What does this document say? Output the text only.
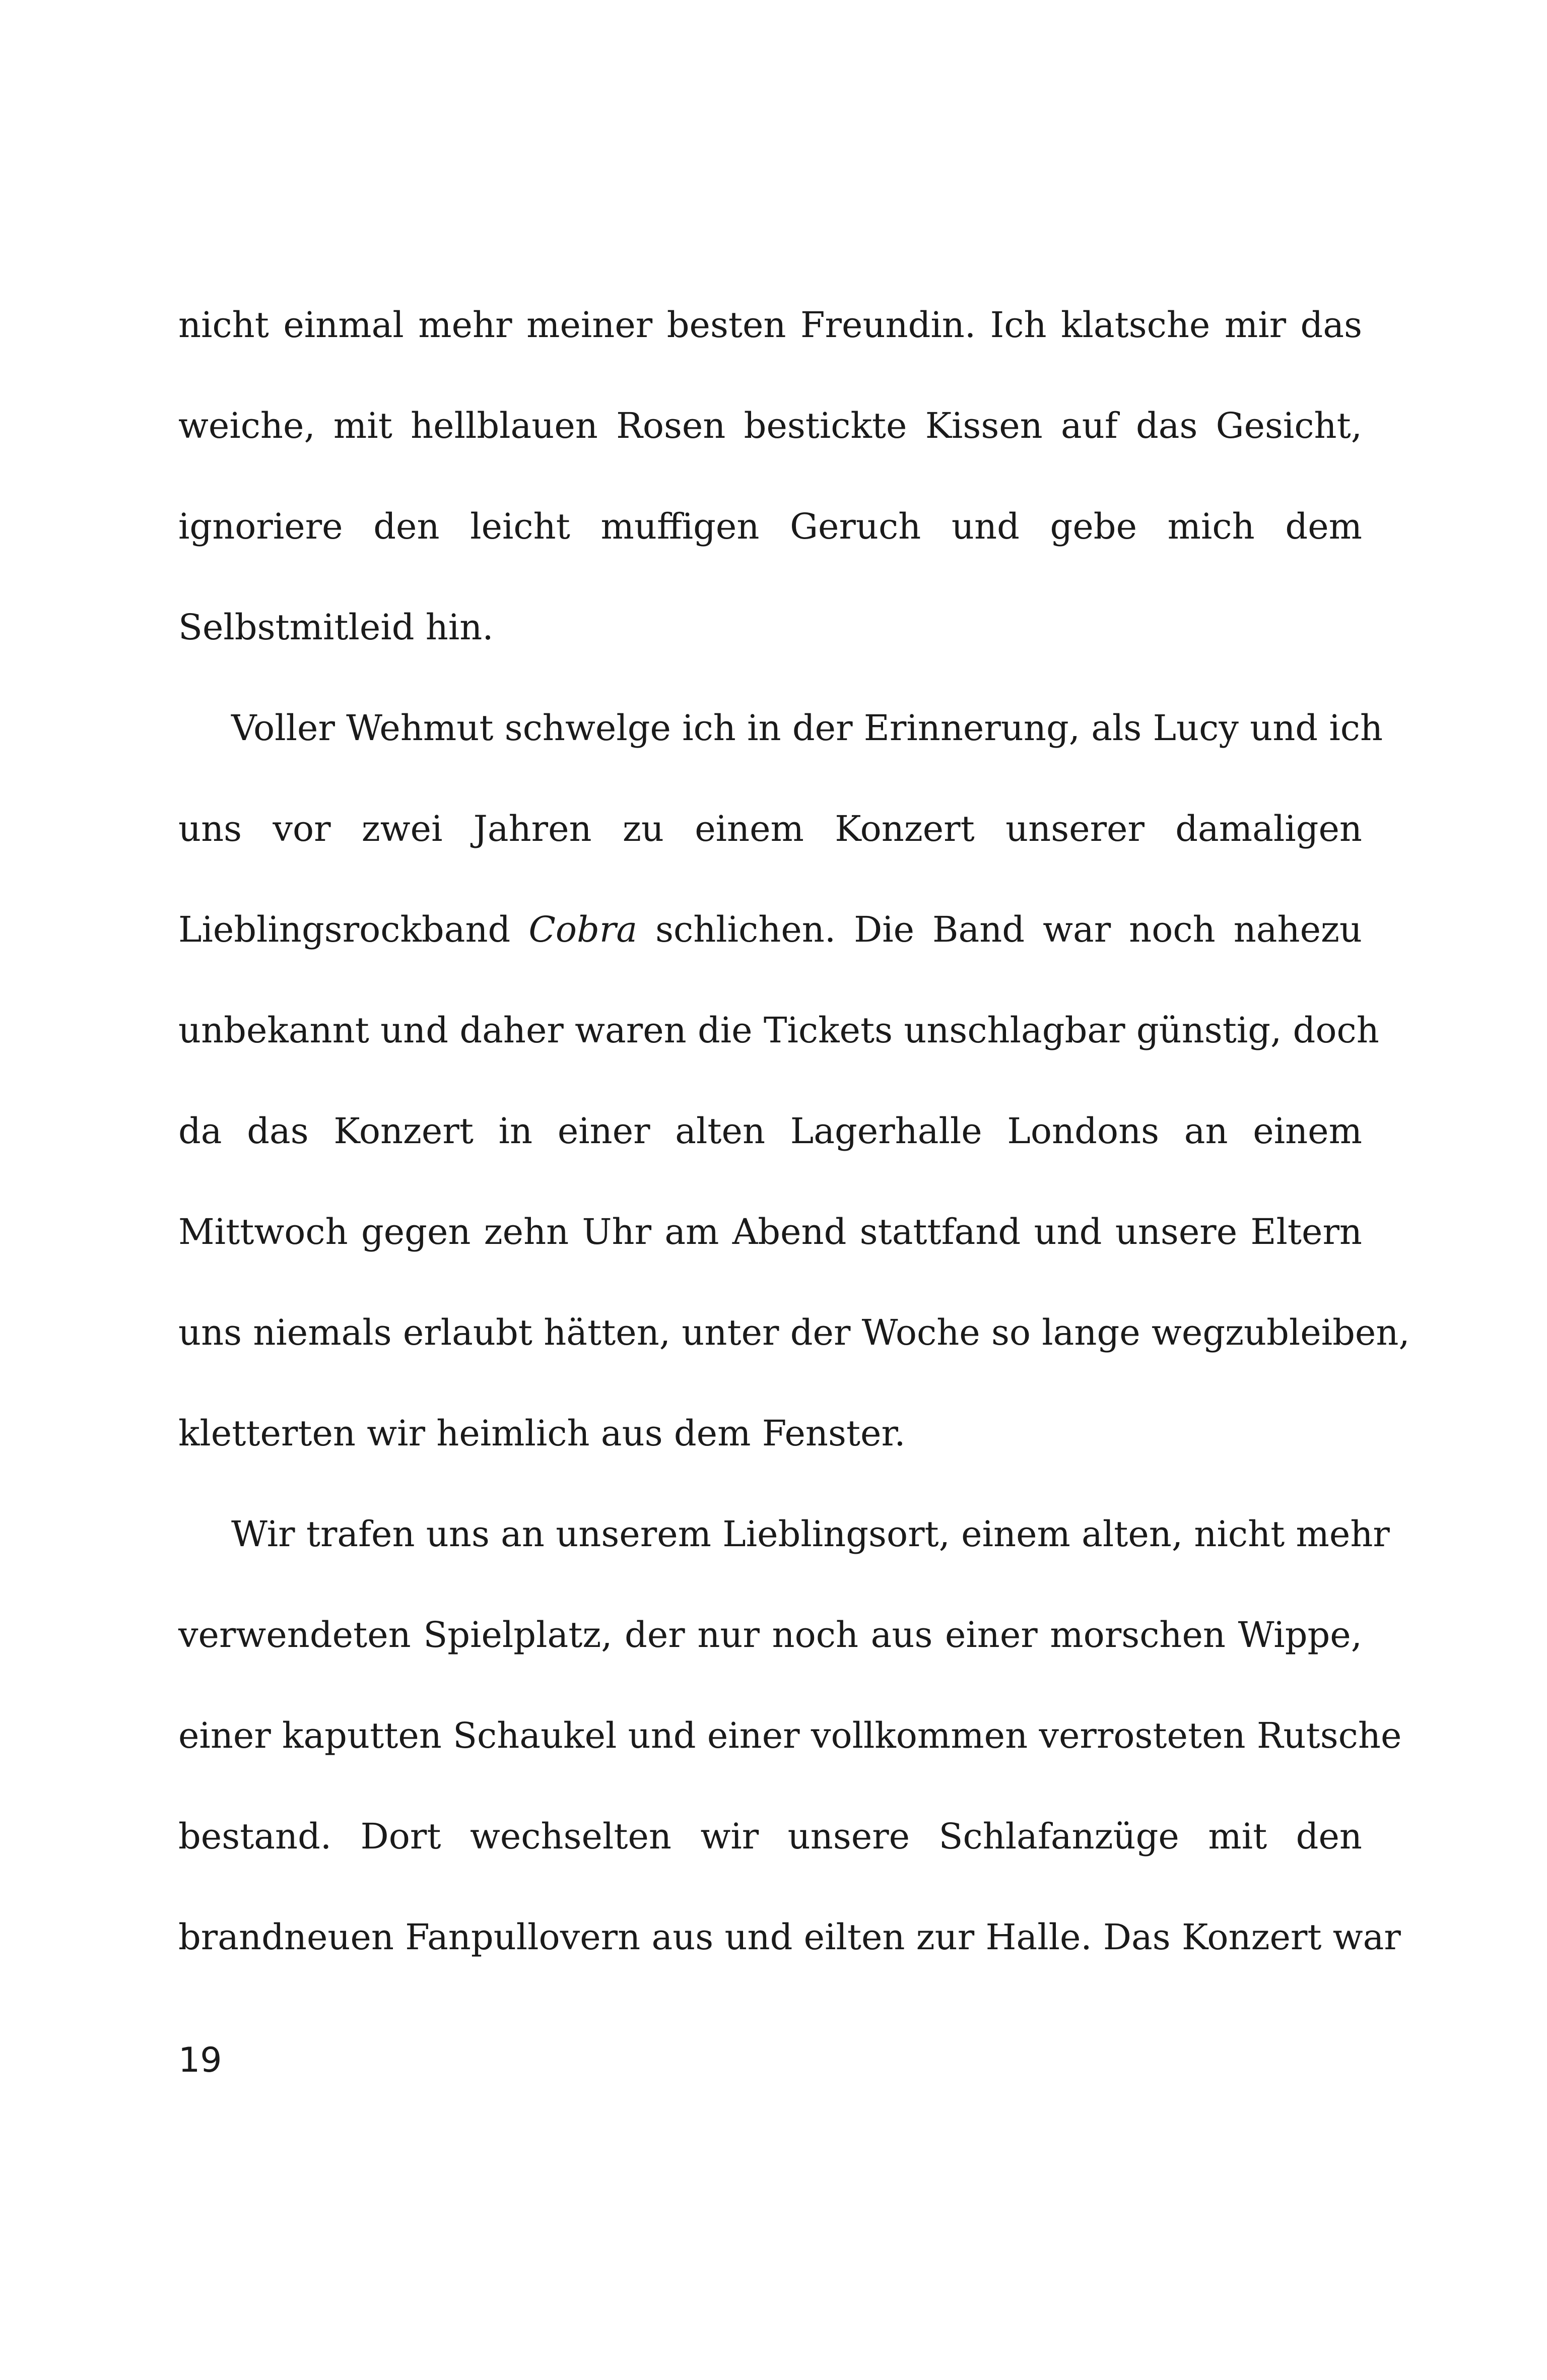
nicht einmal mehr meiner besten Freundin. Ich klatsche mir das
weiche, mit hellblauen Rosen bestickte Kissen auf das Gesicht,
ignoriere den leicht muffigen Geruch und gebe mich dem
Selbstmitleid hin.
Voller Wehmut schwelge ich in der Erinnerung, als Lucy und ich
uns vor zwei Jahren zu einem Konzert unserer damaligen
Lieblingsrockband Cobra schlichen. Die Band war noch nahezu
unbekannt und daher waren die Tickets unschlagbar günstig, doch
da das Konzert in einer alten Lagerhalle Londons an einem
Mittwoch gegen zehn Uhr am Abend stattfand und unsere Eltern
uns niemals erlaubt hätten, unter der Woche so lange wegzubleiben,
kletterten wir heimlich aus dem Fenster.
Wir trafen uns an unserem Lieblingsort, einem alten, nicht mehr
verwendeten Spielplatz, der nur noch aus einer morschen Wippe,
einer kaputten Schaukel und einer vollkommen verrosteten Rutsche
bestand. Dort wechselten wir unsere Schlafanzüge mit den
brandneuen Fanpullovern aus und eilten zur Halle. Das Konzert war
19
